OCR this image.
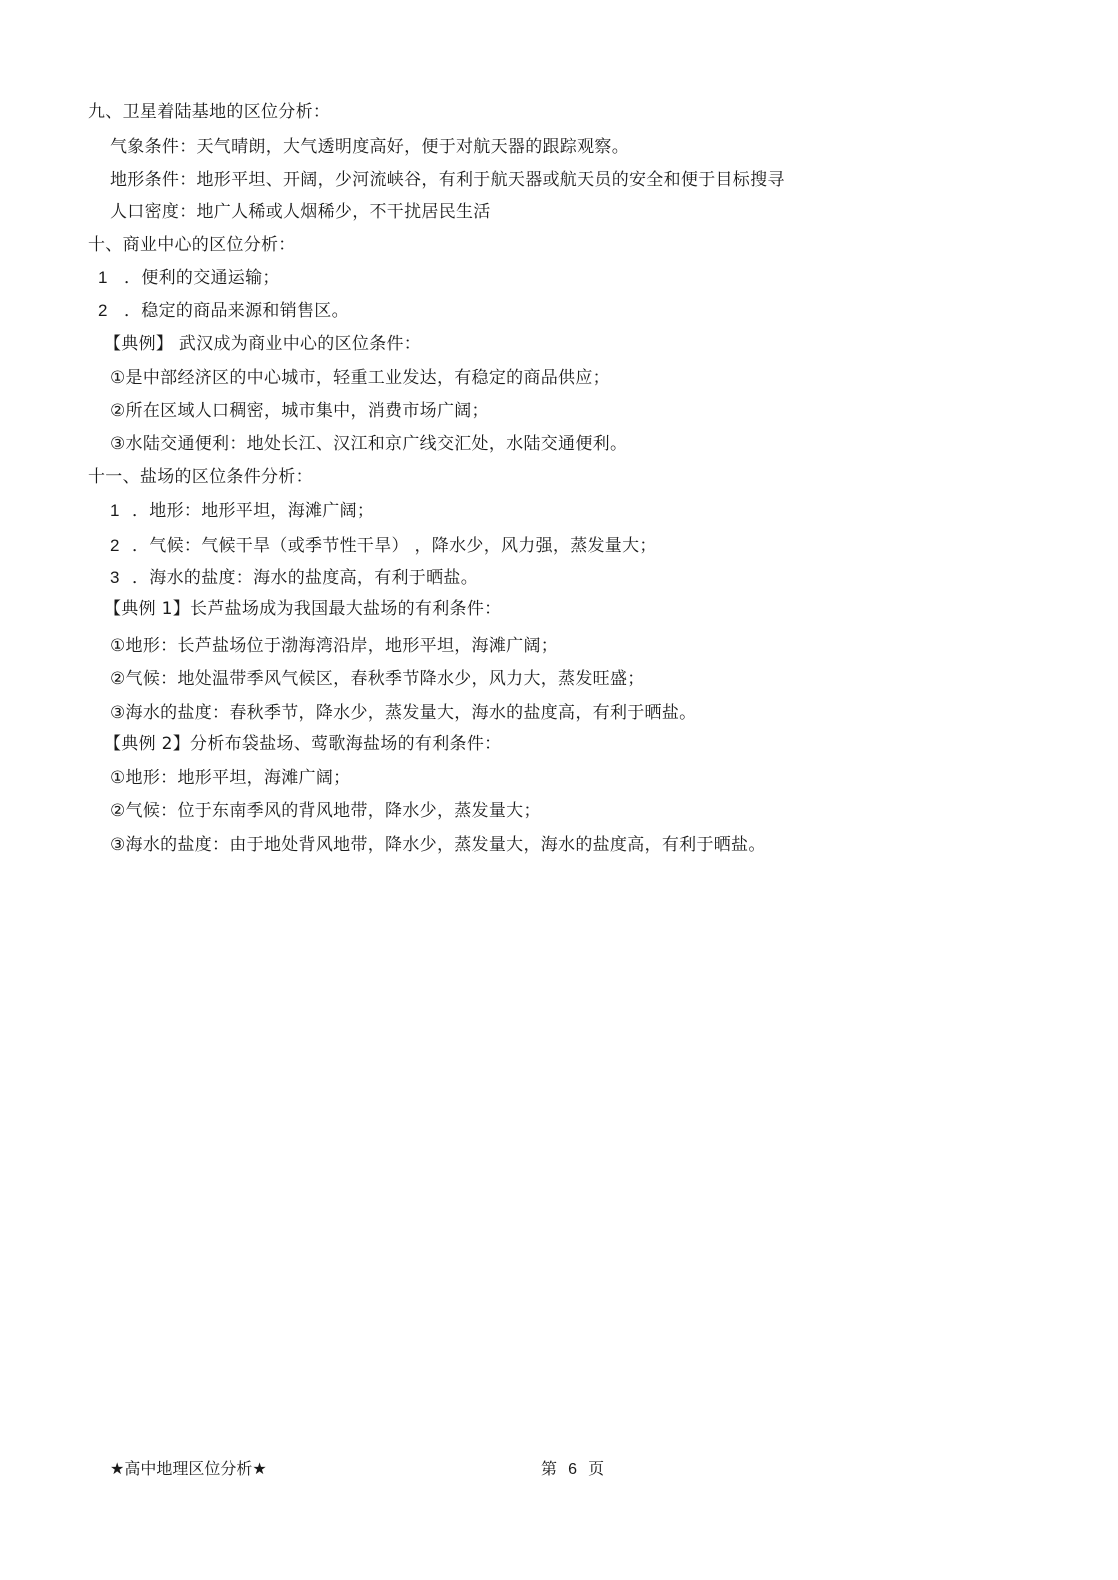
九、卫星着陆基地的区位分析：
气象条件：天气晴朗，大气透明度高好，便于对航天器的跟踪观察。
地形条件：地形平坦、开阔，少河流峡谷，有利于航天器或航天员的安全和便于目标搜寻
人口密度：地广人稀或人烟稀少，不干扰居民生活
十、商业中心的区位分析：
1 ．便利的交通运输；
2 ．稳定的商品来源和销售区。
【典例】 武汉成为商业中心的区位条件：
①是中部经济区的中心城市，轻重工业发达，有稳定的商品供应；
②所在区域人口稠密，城市集中，消费市场广阔；
③水陆交通便利：地处长江、汉江和京广线交汇处，水陆交通便利。
十一、盐场的区位条件分析：
1 ．地形：地形平坦，海滩广阔；
2 ．气候：气候干旱（或季节性干旱） ，降水少，风力强，蒸发量大；
3 ．海水的盐度：海水的盐度高，有利于晒盐。
【典例 1】长芦盐场成为我国最大盐场的有利条件：
①地形：长芦盐场位于渤海湾沿岸，地形平坦，海滩广阔；
②气候：地处温带季风气候区，春秋季节降水少，风力大，蒸发旺盛；
③海水的盐度：春秋季节，降水少，蒸发量大，海水的盐度高，有利于晒盐。
【典例 2】分析布袋盐场、莺歌海盐场的有利条件：
①地形：地形平坦，海滩广阔；
②气候：位于东南季风的背风地带，降水少，蒸发量大；
③海水的盐度：由于地处背风地带，降水少，蒸发量大，海水的盐度高，有利于晒盐。
★高中地理区位分析★	第 6 页
